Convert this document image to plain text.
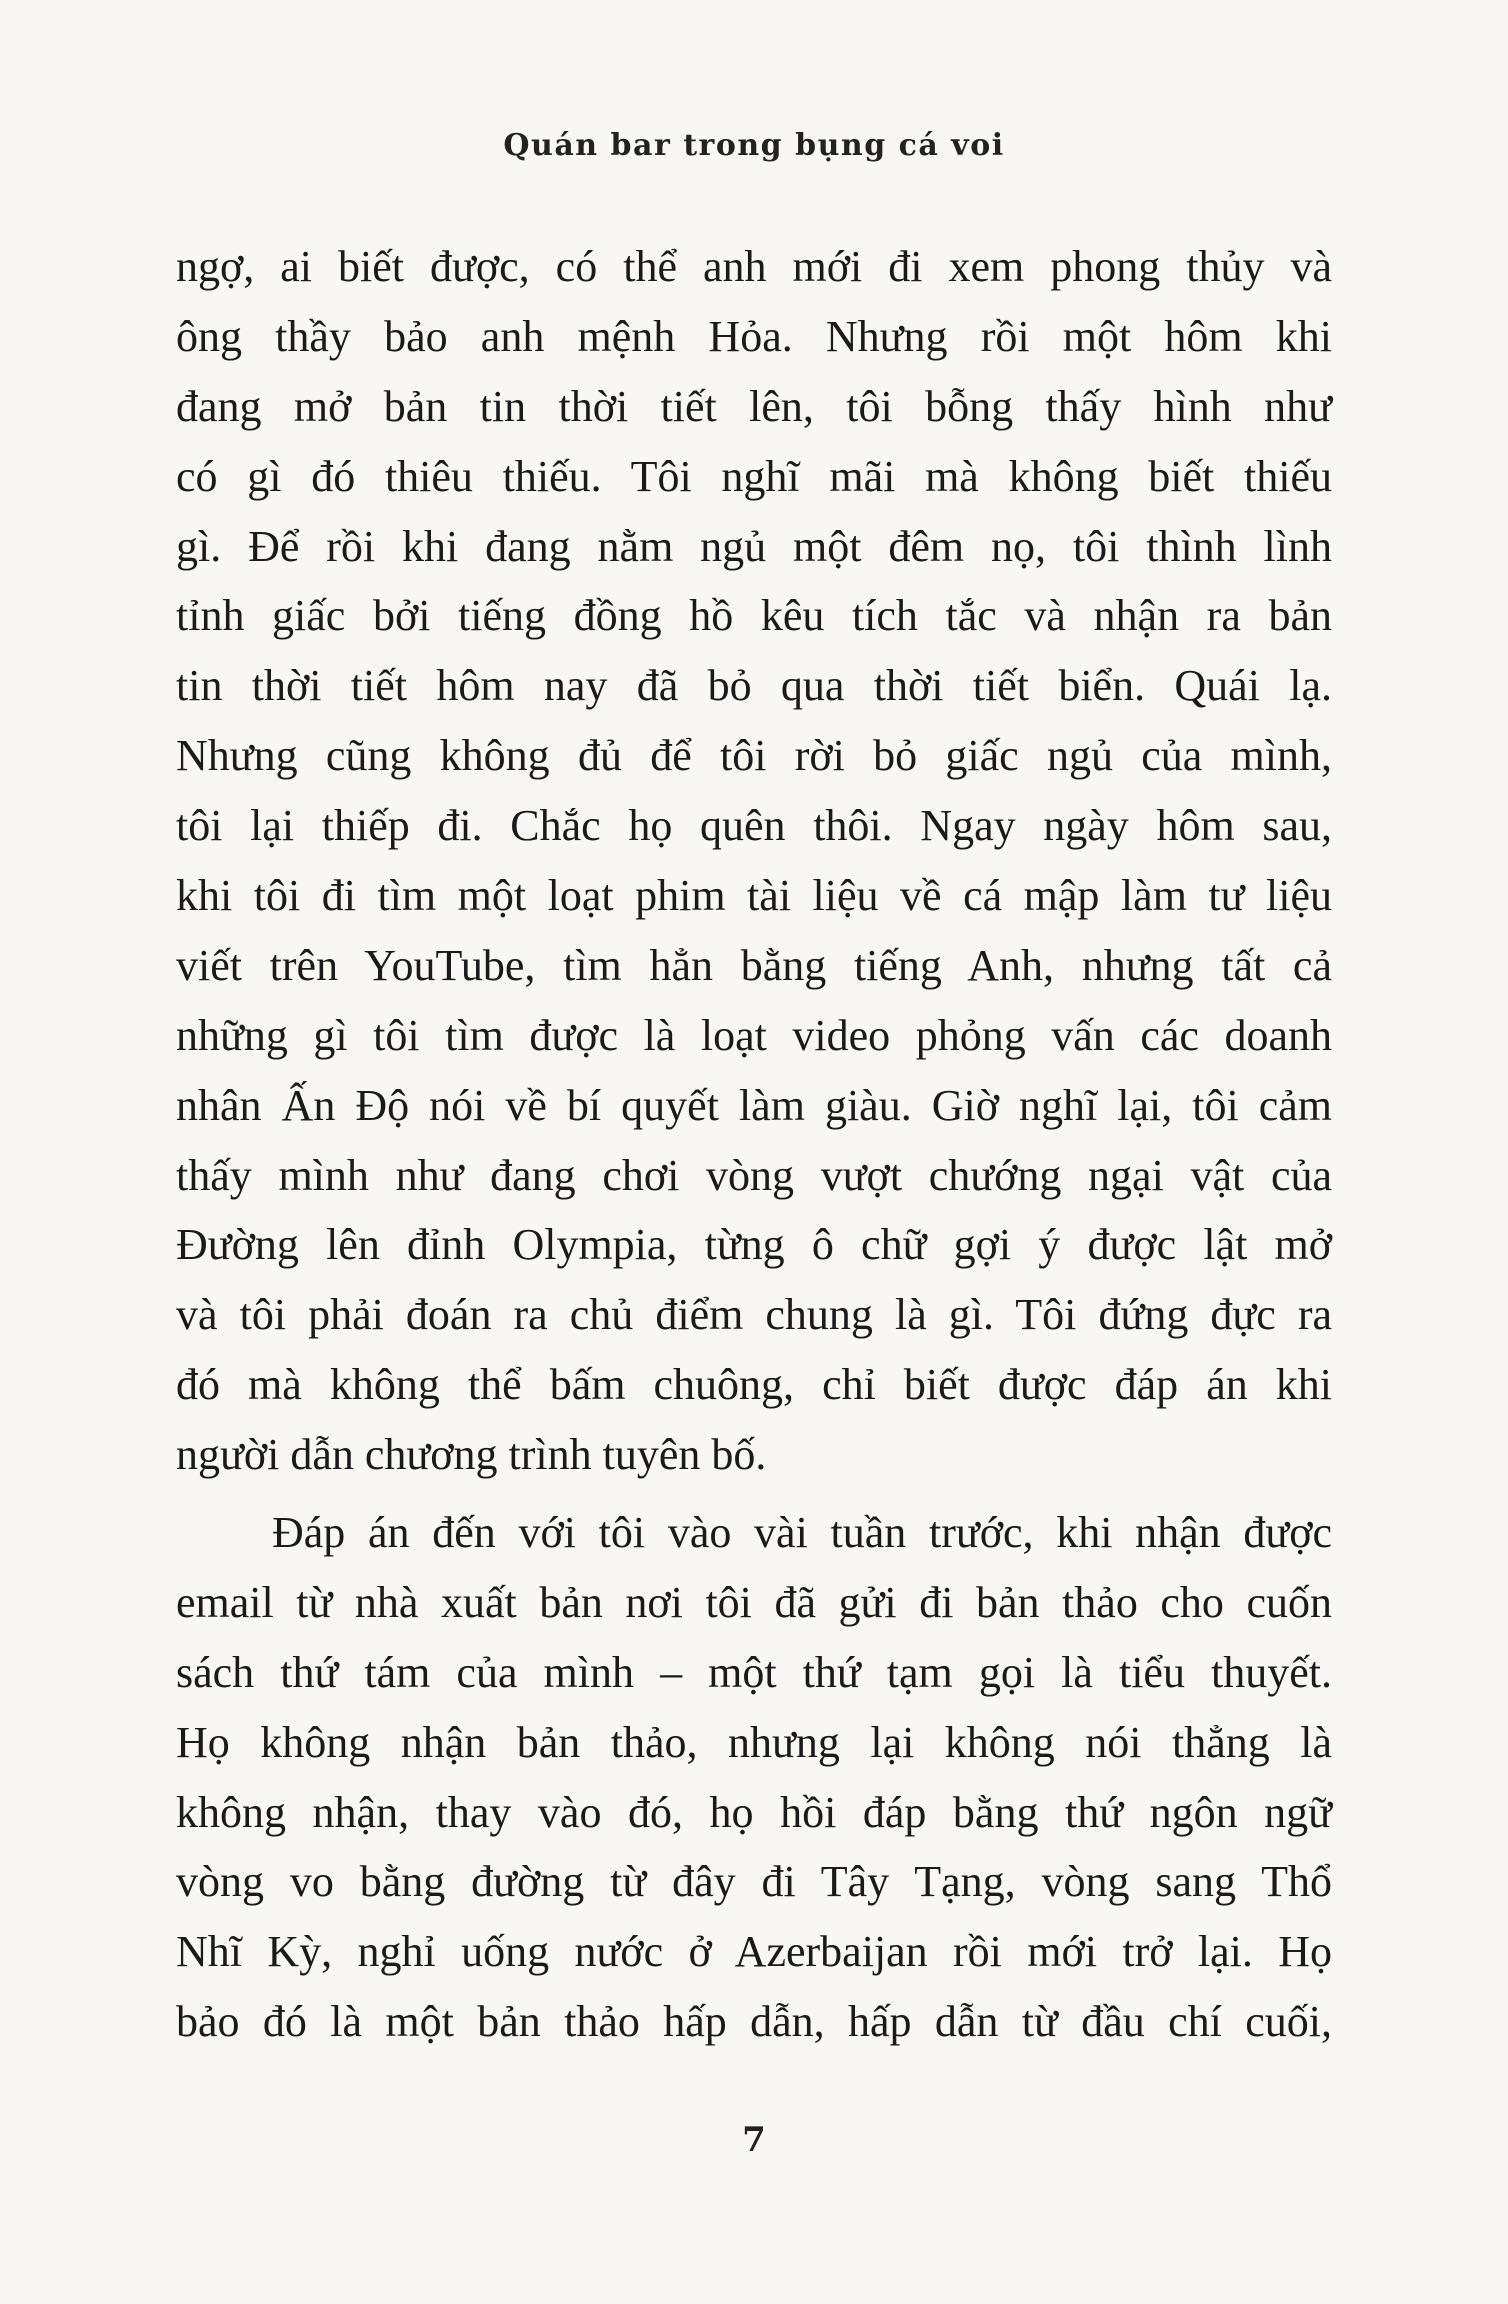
Quán bar trong bụng cá voi
ngợ, ai biết được, có thể anh mới đi xem phong thủy và
ông thầy bảo anh mệnh Hỏa. Nhưng rồi một hôm khi
đang mở bản tin thời tiết lên, tôi bỗng thấy hình như
có gì đó thiêu thiếu. Tôi nghĩ mãi mà không biết thiếu
gì. Để rồi khi đang nằm ngủ một đêm nọ, tôi thình lình
tỉnh giấc bởi tiếng đồng hồ kêu tích tắc và nhận ra bản
tin thời tiết hôm nay đã bỏ qua thời tiết biển. Quái lạ.
Nhưng cũng không đủ để tôi rời bỏ giấc ngủ của mình,
tôi lại thiếp đi. Chắc họ quên thôi. Ngay ngày hôm sau,
khi tôi đi tìm một loạt phim tài liệu về cá mập làm tư liệu
viết trên YouTube, tìm hẳn bằng tiếng Anh, nhưng tất cả
những gì tôi tìm được là loạt video phỏng vấn các doanh
nhân Ấn Độ nói về bí quyết làm giàu. Giờ nghĩ lại, tôi cảm
thấy mình như đang chơi vòng vượt chướng ngại vật của
Đường lên đỉnh Olympia, từng ô chữ gợi ý được lật mở
và tôi phải đoán ra chủ điểm chung là gì. Tôi đứng đực ra
đó mà không thể bấm chuông, chỉ biết được đáp án khi
người dẫn chương trình tuyên bố.
Đáp án đến với tôi vào vài tuần trước, khi nhận được
email từ nhà xuất bản nơi tôi đã gửi đi bản thảo cho cuốn
sách thứ tám của mình – một thứ tạm gọi là tiểu thuyết.
Họ không nhận bản thảo, nhưng lại không nói thẳng là
không nhận, thay vào đó, họ hồi đáp bằng thứ ngôn ngữ
vòng vo bằng đường từ đây đi Tây Tạng, vòng sang Thổ
Nhĩ Kỳ, nghỉ uống nước ở Azerbaijan rồi mới trở lại. Họ
bảo đó là một bản thảo hấp dẫn, hấp dẫn từ đầu chí cuối,
7
